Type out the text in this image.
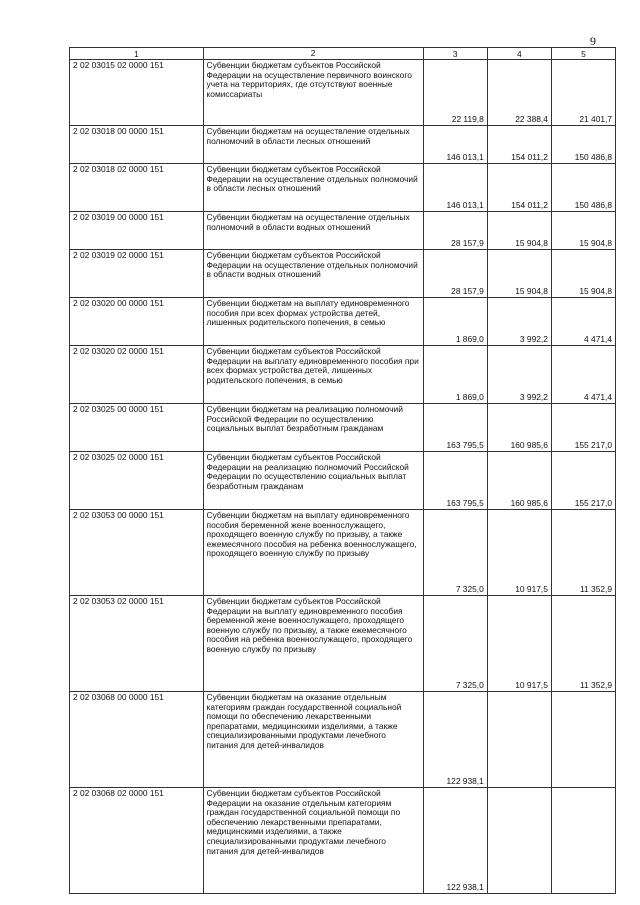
9
1	2	3	4	5
2 02 03015 02 0000 151	Субвенции бюджетам субъектов Российской Федерации на осуществление первичного воинского учета на территориях, где отсутствуют военные комиссариаты	22 119,8	22 388,4	21 401,7
2 02 03018 00 0000 151	Субвенции бюджетам на осуществление отдельных полномочий в области лесных отношений	146 013,1	154 011,2	150 486,8
2 02 03018 02 0000 151	Субвенции бюджетам субъектов Российской Федерации на осуществление отдельных полномочий в области лесных отношений	146 013,1	154 011,2	150 486,8
2 02 03019 00 0000 151	Субвенции бюджетам на осуществление отдельных полномочий в области водных отношений	28 157,9	15 904,8	15 904,8
2 02 03019 02 0000 151	Субвенции бюджетам субъектов Российской Федерации на осуществление отдельных полномочий в области водных отношений	28 157,9	15 904,8	15 904,8
2 02 03020 00 0000 151	Субвенции бюджетам на выплату единовременного пособия при всех формах устройства детей, лишенных родительского попечения, в семью	1 869,0	3 992,2	4 471,4
2 02 03020 02 0000 151	Субвенции бюджетам субъектов Российской Федерации на выплату единовременного пособия при всех формах устройства детей, лишенных родительского попечения, в семью	1 869,0	3 992,2	4 471,4
2 02 03025 00 0000 151	Субвенции бюджетам на реализацию полномочий Российской Федерации по осуществлению социальных выплат безработным гражданам	163 795,5	160 985,6	155 217,0
2 02 03025 02 0000 151	Субвенции бюджетам субъектов Российской Федерации на реализацию полномочий Российской Федерации по осуществлению социальных выплат безработным гражданам	163 795,5	160 985,6	155 217,0
2 02 03053 00 0000 151	Субвенции бюджетам на выплату единовременного пособия беременной жене военнослужащего, проходящего военную службу по призыву, а также ежемесячного пособия на ребенка военнослужащего, проходящего военную службу по призыву	7 325,0	10 917,5	11 352,9
2 02 03053 02 0000 151	Субвенции бюджетам субъектов Российской Федерации на выплату единовременного пособия беременной жене военнослужащего, проходящего военную службу по призыву, а также ежемесячного пособия на ребенка военнослужащего, проходящего военную службу по призыву	7 325,0	10 917,5	11 352,9
2 02 03068 00 0000 151	Субвенции бюджетам на оказание отдельным категориям граждан государственной социальной помощи по обеспечению лекарственными препаратами, медицинскими изделиями, а также специализированными продуктами лечебного питания для детей-инвалидов	122 938,1		
2 02 03068 02 0000 151	Субвенции бюджетам субъектов Российской Федерации на оказание отдельным категориям граждан государственной социальной помощи по обеспечению лекарственными препаратами, медицинскими изделиями, а также специализированными продуктами лечебного питания для детей-инвалидов	122 938,1		
